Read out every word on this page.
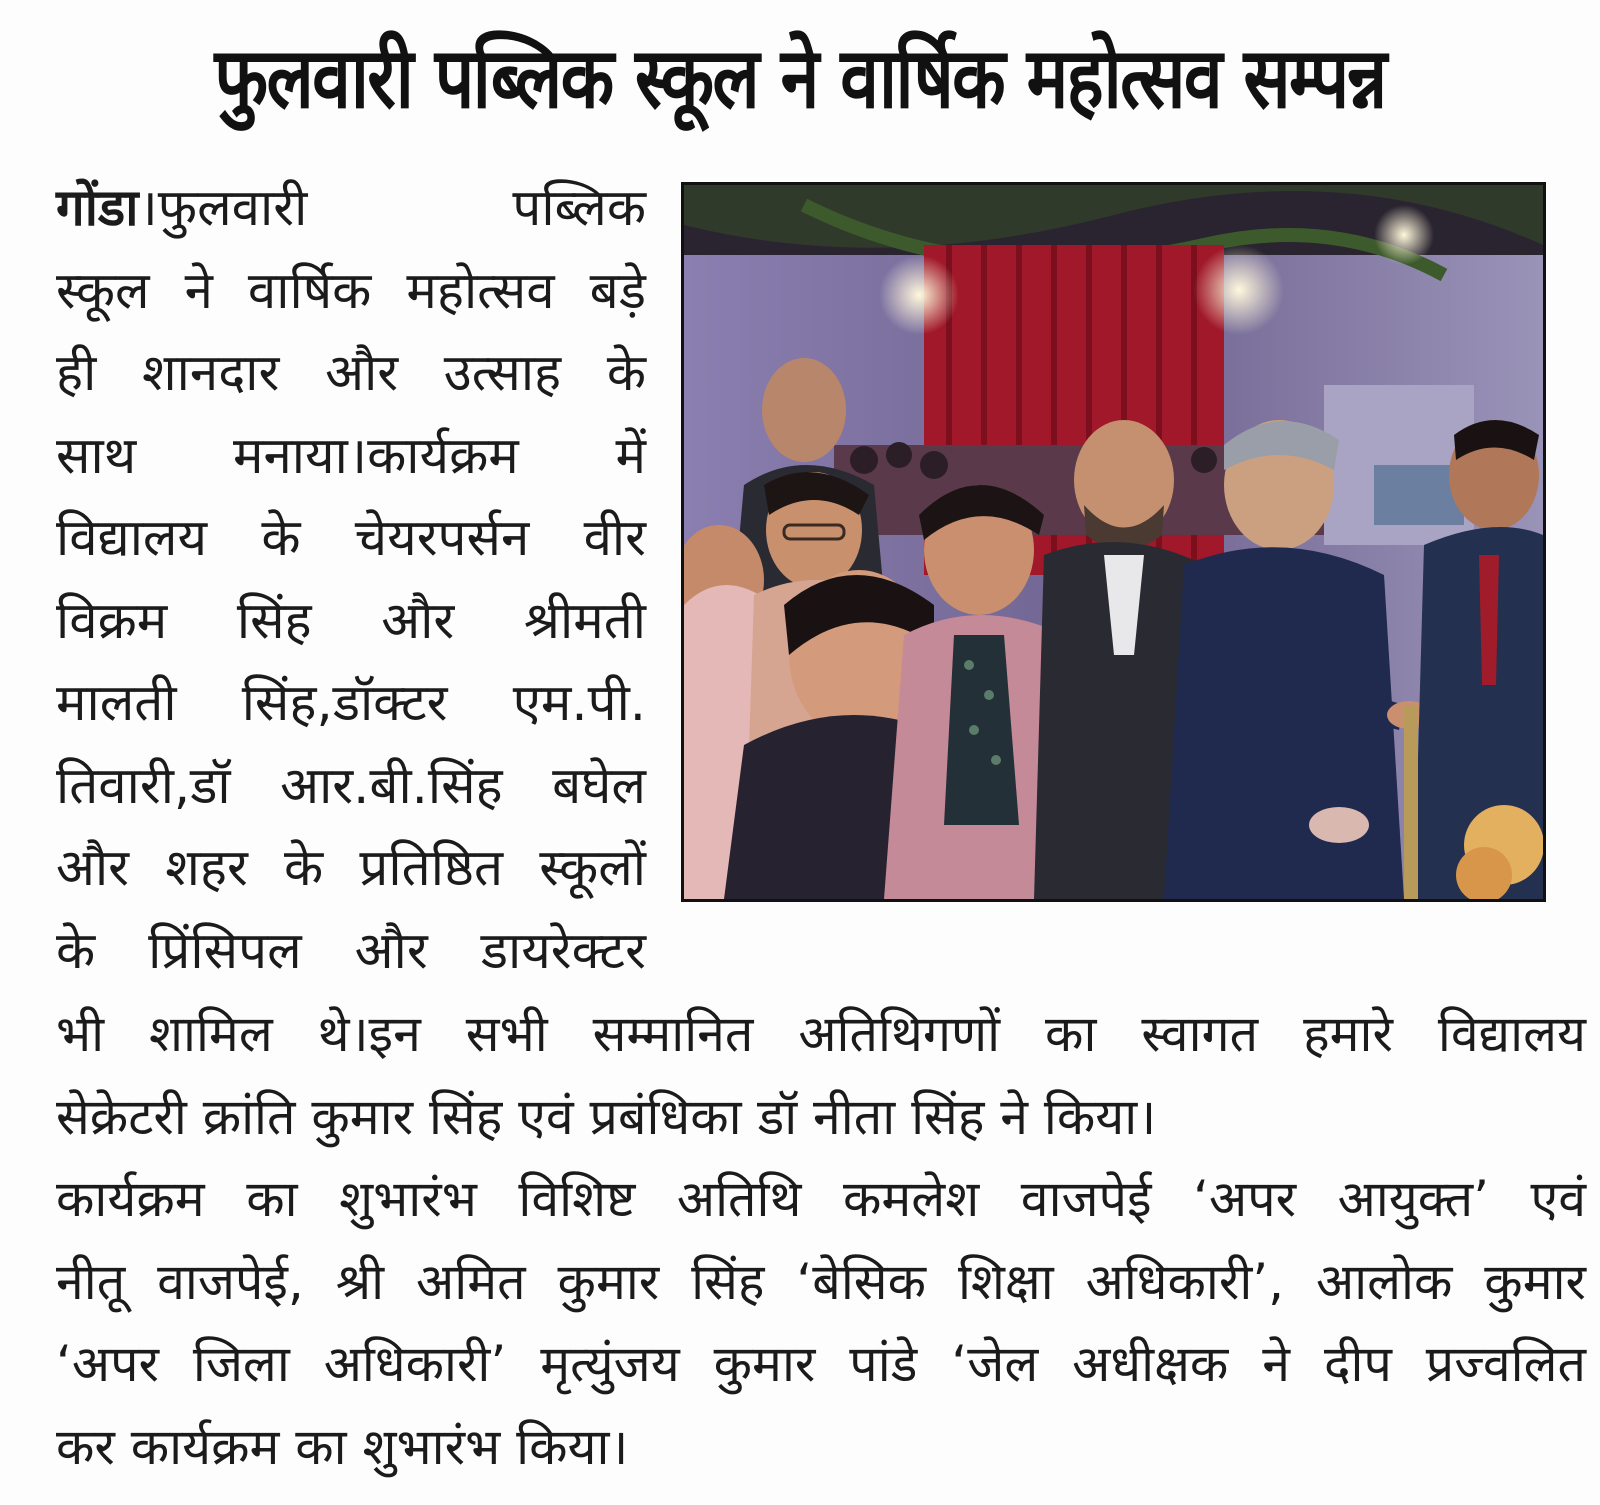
फुलवारी पब्लिक स्कूल ने वार्षिक महोत्सव सम्पन्न
गोंडा।फुलवारी पब्लिक
स्कूल ने वार्षिक महोत्सव बड़े
ही शानदार और उत्साह के
साथ मनाया।कार्यक्रम में
विद्यालय के चेयरपर्सन वीर
विक्रम सिंह और श्रीमती
मालती सिंह,डॉक्टर एम.पी.
तिवारी,डॉ आर.बी.सिंह बघेल
और शहर के प्रतिष्ठित स्कूलों
के प्रिंसिपल और डायरेक्टर
भी शामिल थे।इन सभी सम्मानित अतिथिगणों का स्वागत हमारे विद्यालय
सेक्रेटरी क्रांति कुमार सिंह एवं प्रबंधिका डॉ नीता सिंह ने किया।
कार्यक्रम का शुभारंभ विशिष्ट अतिथि कमलेश वाजपेई ‘अपर आयुक्त’ एवं
नीतू वाजपेई, श्री अमित कुमार सिंह ‘बेसिक शिक्षा अधिकारी’, आलोक कुमार
‘अपर जिला अधिकारी’ मृत्युंजय कुमार पांडे ‘जेल अधीक्षक ने दीप प्रज्वलित
कर कार्यक्रम का शुभारंभ किया।
